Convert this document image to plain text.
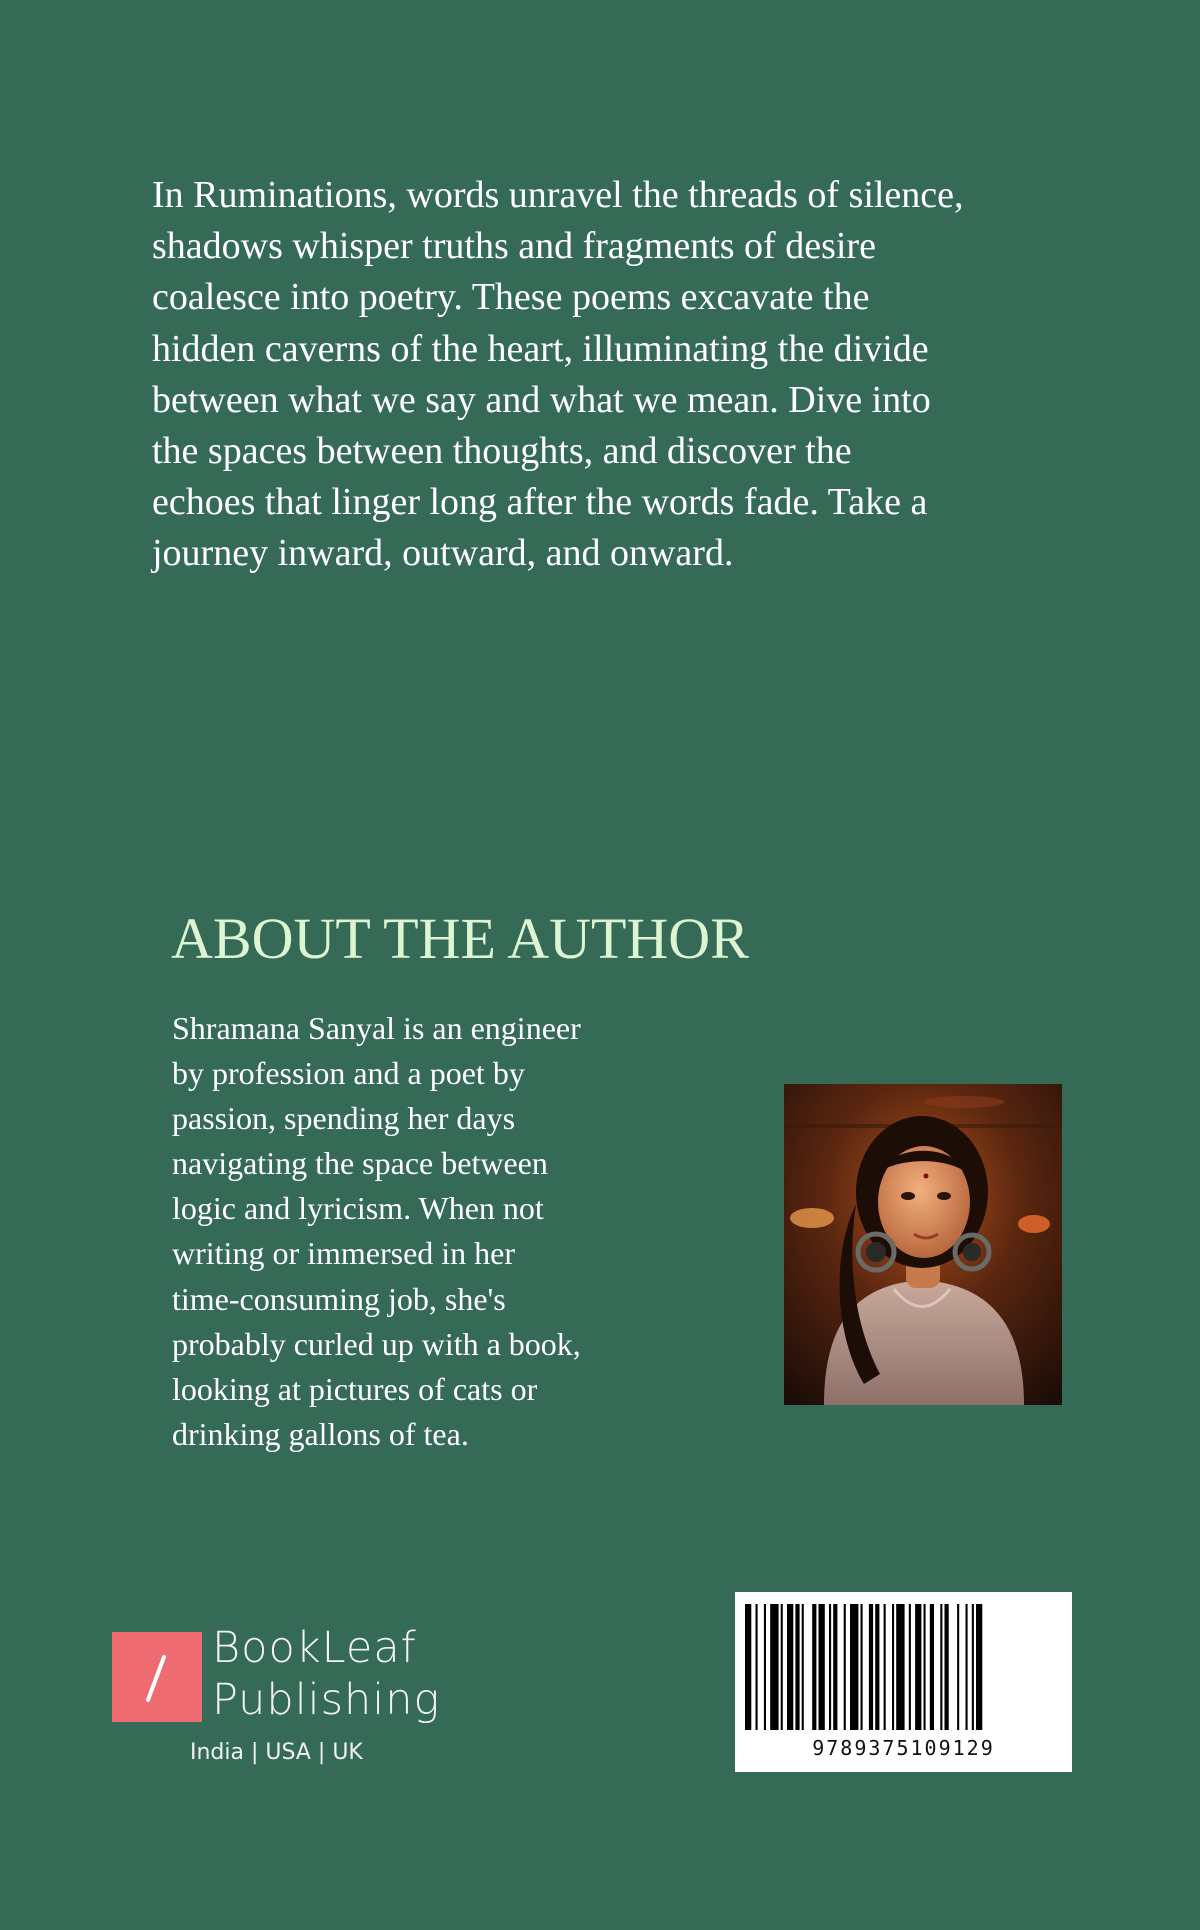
In Ruminations, words unravel the threads of silence,
shadows whisper truths and fragments of desire
coalesce into poetry. These poems excavate the
hidden caverns of the heart, illuminating the divide
between what we say and what we mean. Dive into
the spaces between thoughts, and discover the
echoes that linger long after the words fade. Take a
journey inward, outward, and onward.
ABOUT THE AUTHOR
Shramana Sanyal is an engineer
by profession and a poet by
passion, spending her days
navigating the space between
logic and lyricism. When not
writing or immersed in her
time-consuming job, she's
probably curled up with a book,
looking at pictures of cats or
drinking gallons of tea.
BookLeaf
Publishing
India | USA | UK	9789375109129
